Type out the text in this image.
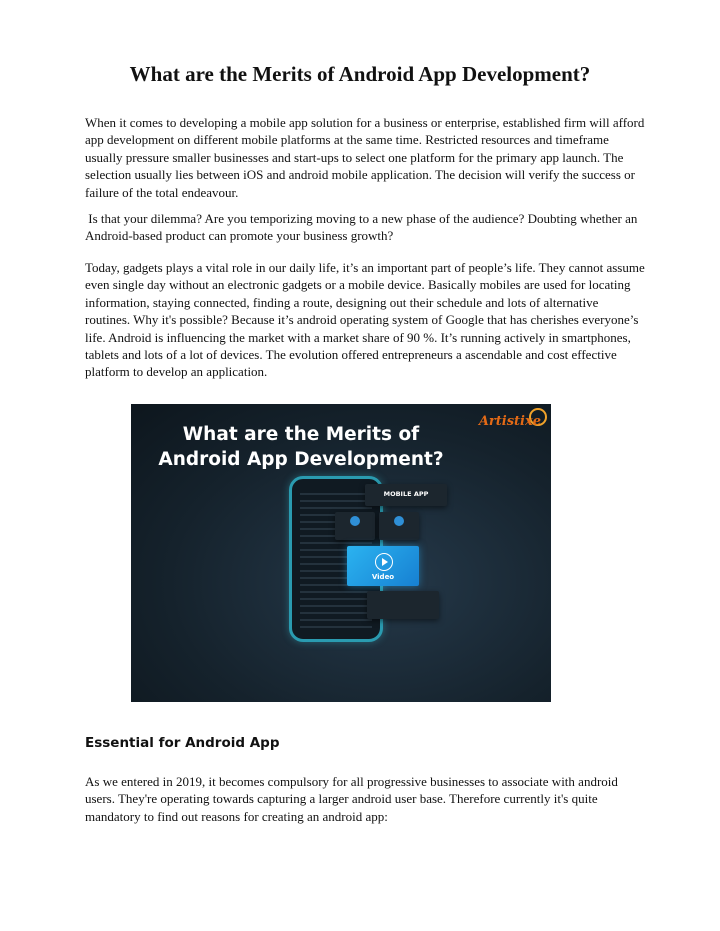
What are the Merits of Android App Development?

When it comes to developing a mobile app solution for a business or enterprise, established firm will afford app development on different mobile platforms at the same time. Restricted resources and timeframe usually pressure smaller businesses and start-ups to select one platform for the primary app launch. The selection usually lies between iOS and android mobile application. The decision will verify the success or failure of the total endeavour.

Is that your dilemma? Are you temporizing moving to a new phase of the audience? Doubting whether an Android-based product can promote your business growth?

Today, gadgets plays a vital role in our daily life, it’s an important part of people’s life. They cannot assume even single day without an electronic gadgets or a mobile device. Basically mobiles are used for locating information, staying connected, finding a route, designing out their schedule and lots of alternative routines. Why it's possible? Because it’s android operating system of Google that has cherishes everyone’s life. Android is influencing the market with a market share of 90 %. It’s running actively in smartphones, tablets and lots of a lot of devices. The evolution offered entrepreneurs a ascendable and cost effective platform to develop an application.

What are the Merits of
Android App Development?
Artistixe
MOBILE APP
Video
Essential for Android App

As we entered in 2019, it becomes compulsory for all progressive businesses to associate with android users. They're operating towards capturing a larger android user base. Therefore currently it's quite mandatory to find out reasons for creating an android app:
